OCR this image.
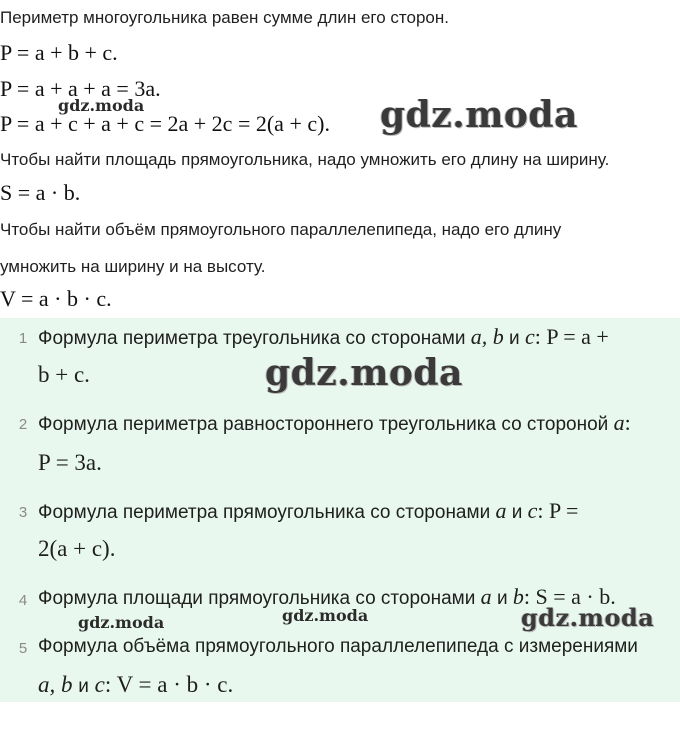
Периметр многоугольника равен сумме длин его сторон.
P = a + b + c.
P = a + a + a = 3a.
P = a + c + a + c = 2a + 2c = 2(a + c).
Чтобы найти площадь прямоугольника, надо умножить его длину на ширину.
S = a · b.
Чтобы найти объём прямоугольного параллелепипеда, надо его длину
умножить на ширину и на высоту.
V = a · b · c.
1 Формула периметра треугольника со сторонами a, b и c: P = a +
b + c.
2 Формула периметра равностороннего треугольника со стороной a:
P = 3a.
3 Формула периметра прямоугольника со сторонами a и c: P =
2(a + c).
4 Формула площади прямоугольника со сторонами a и b: S = a · b.
5 Формула объёма прямоугольного параллелепипеда с измерениями
a, b и c: V = a · b · c.
gdz.moda	gdz.moda
gdz.moda
gdz.moda	gdz.moda	gdz.moda
